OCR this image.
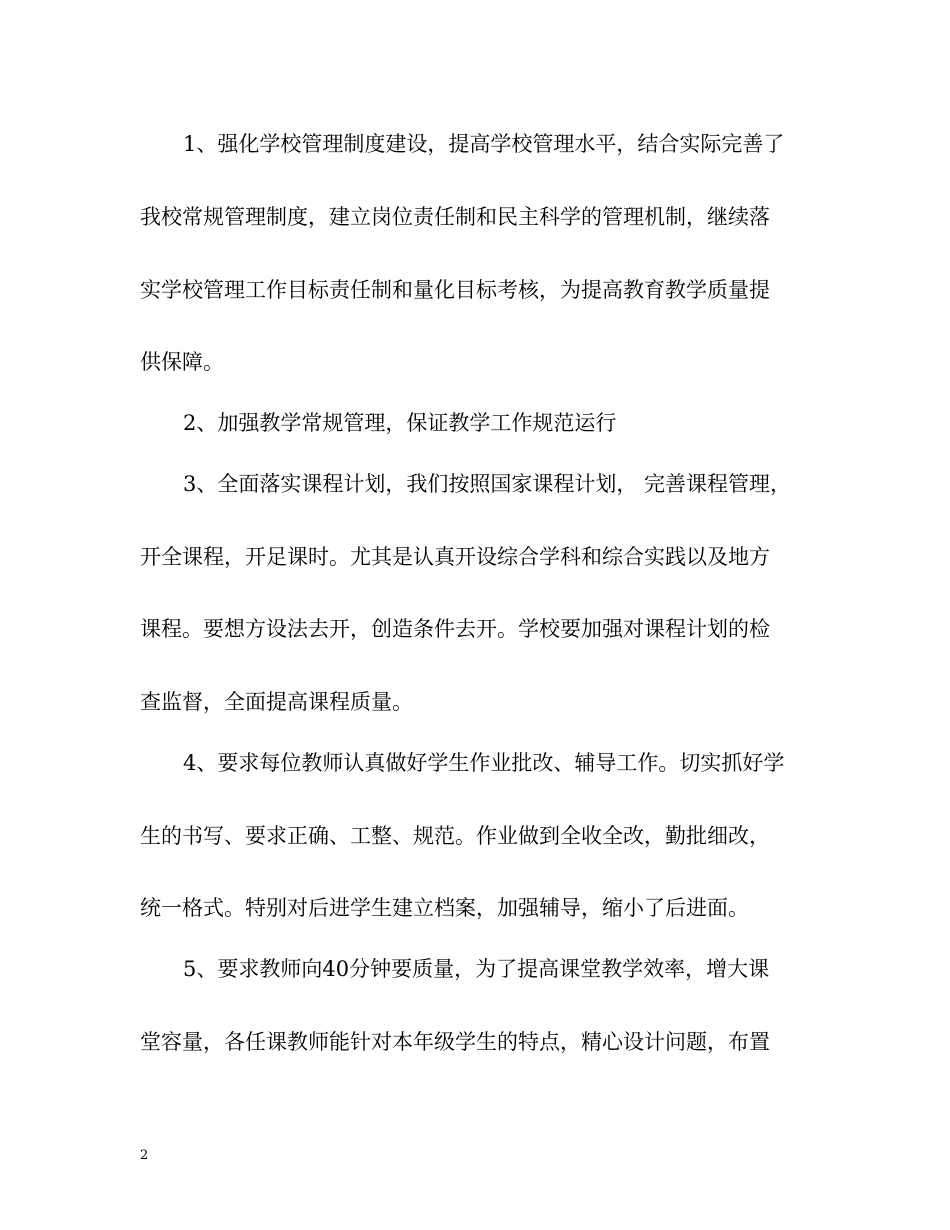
1、强化学校管理制度建设，提高学校管理水平，结合实际完善了
我校常规管理制度，建立岗位责任制和民主科学的管理机制，继续落
实学校管理工作目标责任制和量化目标考核，为提高教育教学质量提
供保障。
2、加强教学常规管理，保证教学工作规范运行
3、全面落实课程计划，我们按照国家课程计划， 完善课程管理，
开全课程，开足课时。尤其是认真开设综合学科和综合实践以及地方
课程。要想方设法去开，创造条件去开。学校要加强对课程计划的检
查监督，全面提高课程质量。
4、要求每位教师认真做好学生作业批改、辅导工作。切实抓好学
生的书写、要求正确、工整、规范。作业做到全收全改，勤批细改，
统一格式。特别对后进学生建立档案，加强辅导，缩小了后进面。
5、要求教师向40分钟要质量，为了提高课堂教学效率，增大课
堂容量，各任课教师能针对本年级学生的特点，精心设计问题，布置
2
